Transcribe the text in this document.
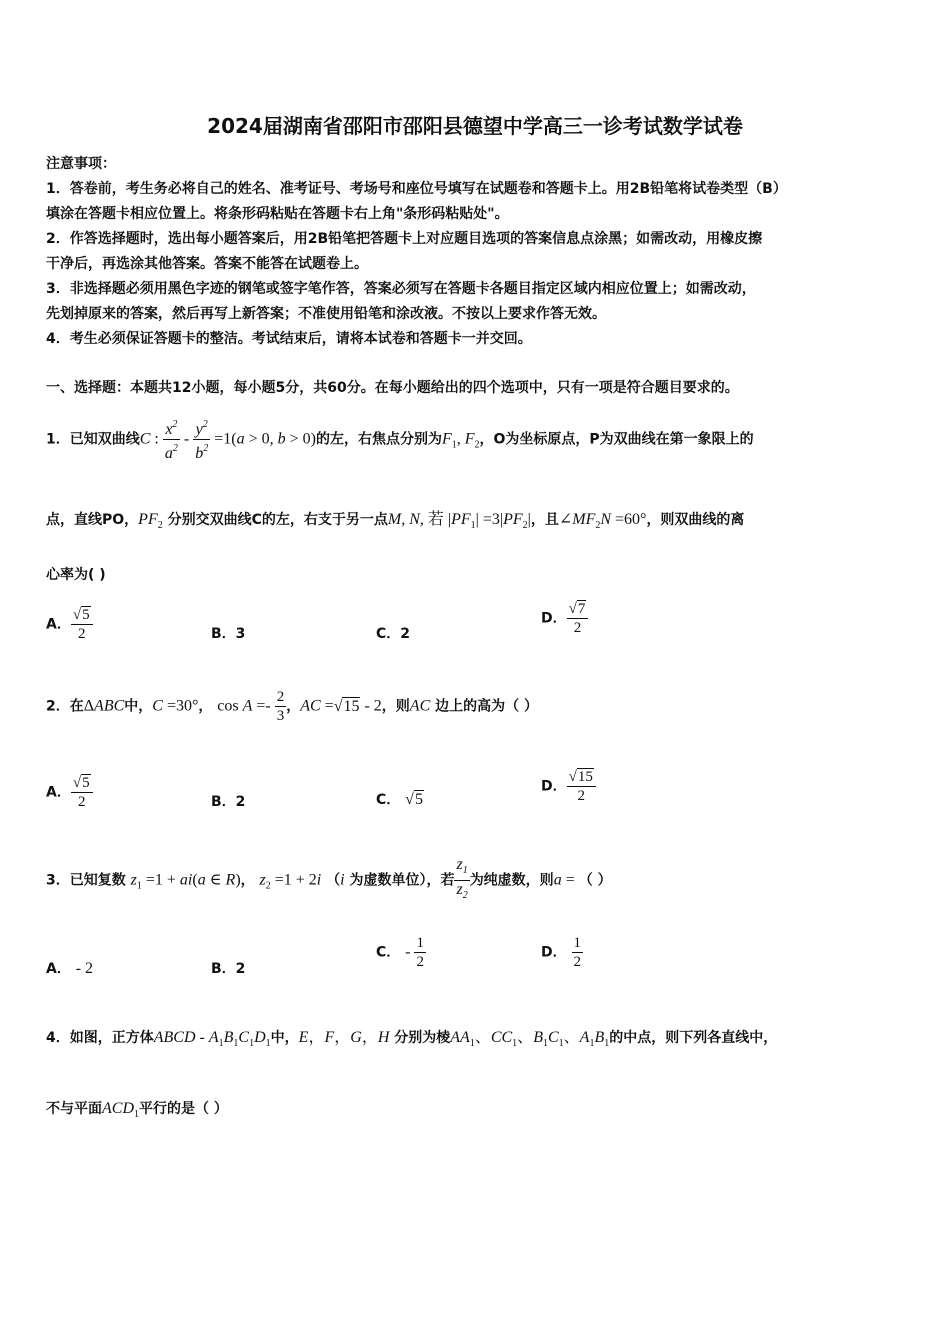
2024届湖南省邵阳市邵阳县德望中学高三一诊考试数学试卷
注意事项：
1．答卷前，考生务必将自己的姓名、准考证号、考场号和座位号填写在试题卷和答题卡上。用2B铅笔将试卷类型（B）
填涂在答题卡相应位置上。将条形码粘贴在答题卡右上角"条形码粘贴处"。
2．作答选择题时，选出每小题答案后，用2B铅笔把答题卡上对应题目选项的答案信息点涂黑；如需改动，用橡皮擦
干净后，再选涂其他答案。答案不能答在试题卷上。
3．非选择题必须用黑色字迹的钢笔或签字笔作答，答案必须写在答题卡各题目指定区域内相应位置上；如需改动，
先划掉原来的答案，然后再写上新答案；不准使用铅笔和涂改液。不按以上要求作答无效。
4．考生必须保证答题卡的整洁。考试结束后，请将本试卷和答题卡一并交回。
一、选择题：本题共12小题，每小题5分，共60分。在每小题给出的四个选项中，只有一项是符合题目要求的。
1．已知双曲线C : $\frac{x^2}{a^2} - \frac{y^2}{b^2} =1(a > 0$, b > 0)的左，右焦点分别为$F_1$, $F_2$，O为坐标原点，P为双曲线在第一象限上的
点，直线PO，$PF_2$ 分别交双曲线C的左，右支于另一点M, N, 若 $|PF_1| =3|PF_2|$，且$\angle MF_2N =60^\circ$，则双曲线的离
心率为( )
A． $\frac{√5}{2}$	B．3	C．2
D． $\frac{√7}{2}$
2．在ΔABC中，C =30°， $\cos A =- \frac{2}{3}$ ，AC =√15 - 2，则AC 边上的高为（ ）
A． $\frac{√5}{2}$	B．2	C． √5
D． $\frac{√15}{2}$
3．已知复数 $z_1 =1 + ai(a$ ∈ R)， $z_2 =1 + 2i$ （i 为虚数单位），若 $\frac{z_1}{z_2}$ 为纯虚数，则a = （ ）
A． - 2	B．2
C． - $\frac{1}{2}$	D． $\frac{1}{2}$
4．如图，正方体ABCD - $A_1B_1C_1D_1$中，E，F，G，H 分别为棱$AA_1$、$CC_1$、$B_1C_1$、$A_1B_1$的中点，则下列各直线中，
不与平面$ACD_1$平行的是（ ）
